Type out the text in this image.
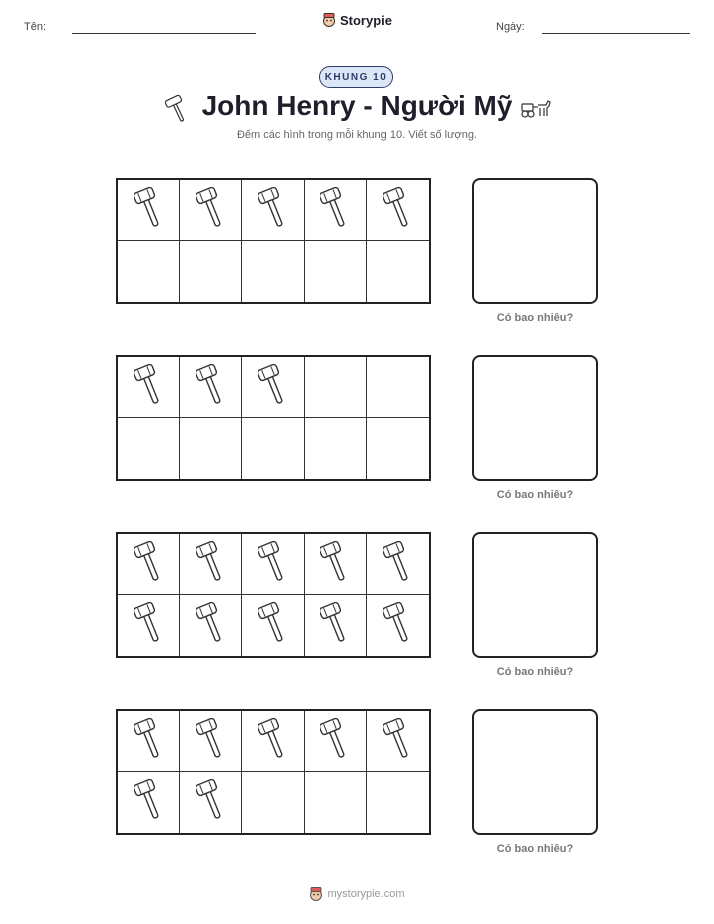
Tên:	Storypie	Ngày:
KHUNG 10
John Henry - Người Mỹ
Đếm các hình trong mỗi khung 10. Viết số lượng.
Có bao nhiêu?
Có bao nhiêu?
Có bao nhiêu?
Có bao nhiêu?
mystorypie.com
